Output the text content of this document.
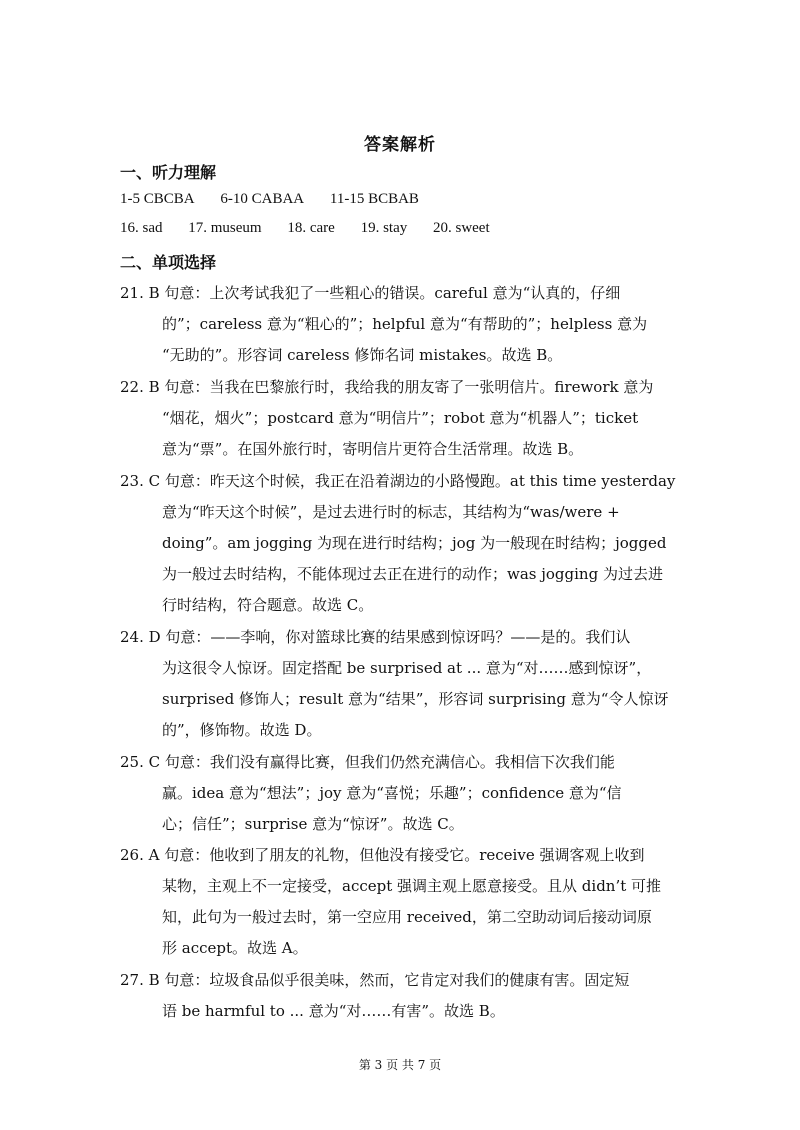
答案解析
一、听力理解
1-5 CBCBA 6-10 CABAA 11-15 BCBAB
16. sad 17. museum 18. care 19. stay 20. sweet
二、单项选择
21. B 句意：上次考试我犯了一些粗心的错误。careful 意为“认真的，仔细
的”；careless 意为“粗心的”；helpful 意为“有帮助的”；helpless 意为
“无助的”。形容词 careless 修饰名词 mistakes。故选 B。
22. B 句意：当我在巴黎旅行时，我给我的朋友寄了一张明信片。firework 意为
“烟花，烟火”；postcard 意为“明信片”；robot 意为“机器人”；ticket
意为“票”。在国外旅行时，寄明信片更符合生活常理。故选 B。
23. C 句意：昨天这个时候，我正在沿着湖边的小路慢跑。at this time yesterday
意为“昨天这个时候”，是过去进行时的标志，其结构为“was/were +
doing”。am jogging 为现在进行时结构；jog 为一般现在时结构；jogged
为一般过去时结构，不能体现过去正在进行的动作；was jogging 为过去进
行时结构，符合题意。故选 C。
24. D 句意：——李响，你对篮球比赛的结果感到惊讶吗？——是的。我们认
为这很令人惊讶。固定搭配 be surprised at ... 意为“对……感到惊讶”，
surprised 修饰人；result 意为“结果”，形容词 surprising 意为“令人惊讶
的”，修饰物。故选 D。
25. C 句意：我们没有赢得比赛，但我们仍然充满信心。我相信下次我们能
赢。idea 意为“想法”；joy 意为“喜悦；乐趣”；confidence 意为“信
心；信任”；surprise 意为“惊讶”。故选 C。
26. A 句意：他收到了朋友的礼物，但他没有接受它。receive 强调客观上收到
某物，主观上不一定接受，accept 强调主观上愿意接受。且从 didn’t 可推
知，此句为一般过去时，第一空应用 received，第二空助动词后接动词原
形 accept。故选 A。
27. B 句意：垃圾食品似乎很美味，然而，它肯定对我们的健康有害。固定短
语 be harmful to ... 意为“对……有害”。故选 B。
第 3 页 共 7 页
